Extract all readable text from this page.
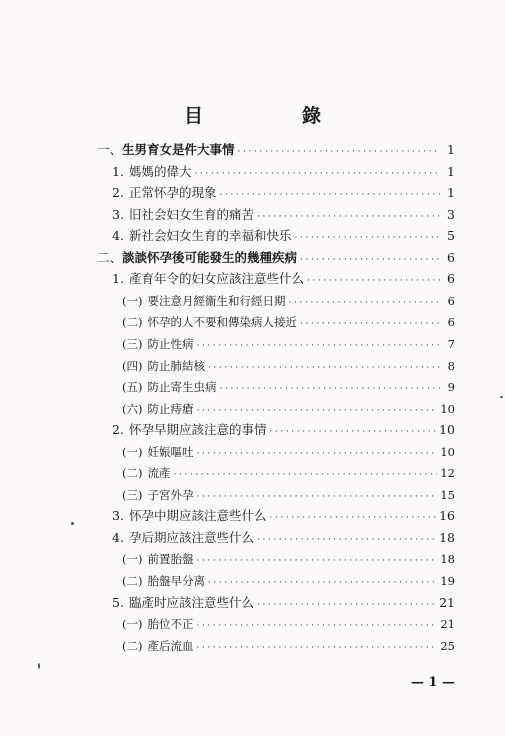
目　錄
一、 生男育女是件大事情 ·····	1
1. 媽媽的偉大 ·····	1
2. 正常怀孕的現象 ·····	1
3. 旧社会妇女生育的痛苦 ·····	3
4. 新社会妇女生育的幸福和快乐 ·····	5
二、 談談怀孕後可能發生的幾種疾病 ·····	6
1. 產育年令的妇女应該注意些什么 ·····	6
(一) 要注意月經衞生和行經日期 ·····	6
(二) 怀孕的人不要和傳染病人接近 ·····	6
(三) 防止性病 ·····	7
(四) 防止肺結核 ·····	8
(五) 防止寄生虫病 ·····	9
(六) 防止痔瘡 ·····	10
2. 怀孕早期应該注意的事情 ·····	10
(一) 妊娠嘔吐 ·····	10
(二) 流產 ·····	12
(三) 子宮外孕 ·····	15
3. 怀孕中期应該注意些什么 ·····	16
4. 孕后期应該注意些什么 ·····	18
(一) 前置胎盤 ·····	18
(二) 胎盤早分离 ·····	19
5. 臨產时应該注意些什么 ·····	21
(一) 胎位不正 ·····	21
(二) 產后流血 ·····	25
— 1 —
